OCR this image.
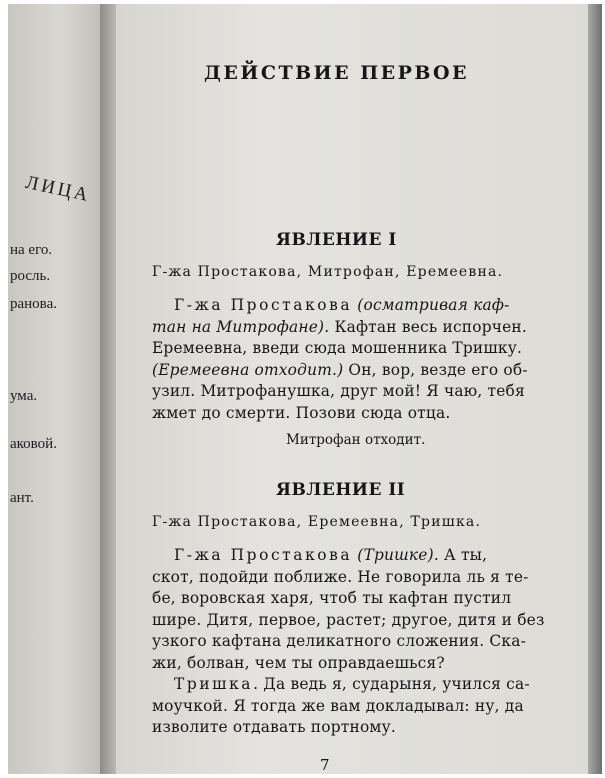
ЛИЦА
на его.
росль.
ранова.
ума.
аковой.
ант.
ДЕЙСТВИЕ ПЕРВОЕ
ЯВЛЕНИЕ I
Г-жа Простакова, Митрофан, Еремеевна.
Г-жа Простакова (осматривая каф-
тан на Митрофане). Кафтан весь испорчен.
Еремеевна, введи сюда мошенника Тришку.
(Еремеевна отходит.) Он, вор, везде его об-
узил. Митрофанушка, друг мой! Я чаю, тебя
жмет до смерти. Позови сюда отца.
Митрофан отходит.
ЯВЛЕНИЕ II
Г-жа Простакова, Еремеевна, Тришка.
Г-жа Простакова (Тришке). А ты,
скот, подойди поближе. Не говорила ль я те-
бе, воровская харя, чтоб ты кафтан пустил
шире. Дитя, первое, растет; другое, дитя и без
узкого кафтана деликатного сложения. Ска-
жи, болван, чем ты оправдаешься?
Тришка. Да ведь я, сударыня, учился са-
моучкой. Я тогда же вам докладывал: ну, да
изволите отдавать портному.
7
